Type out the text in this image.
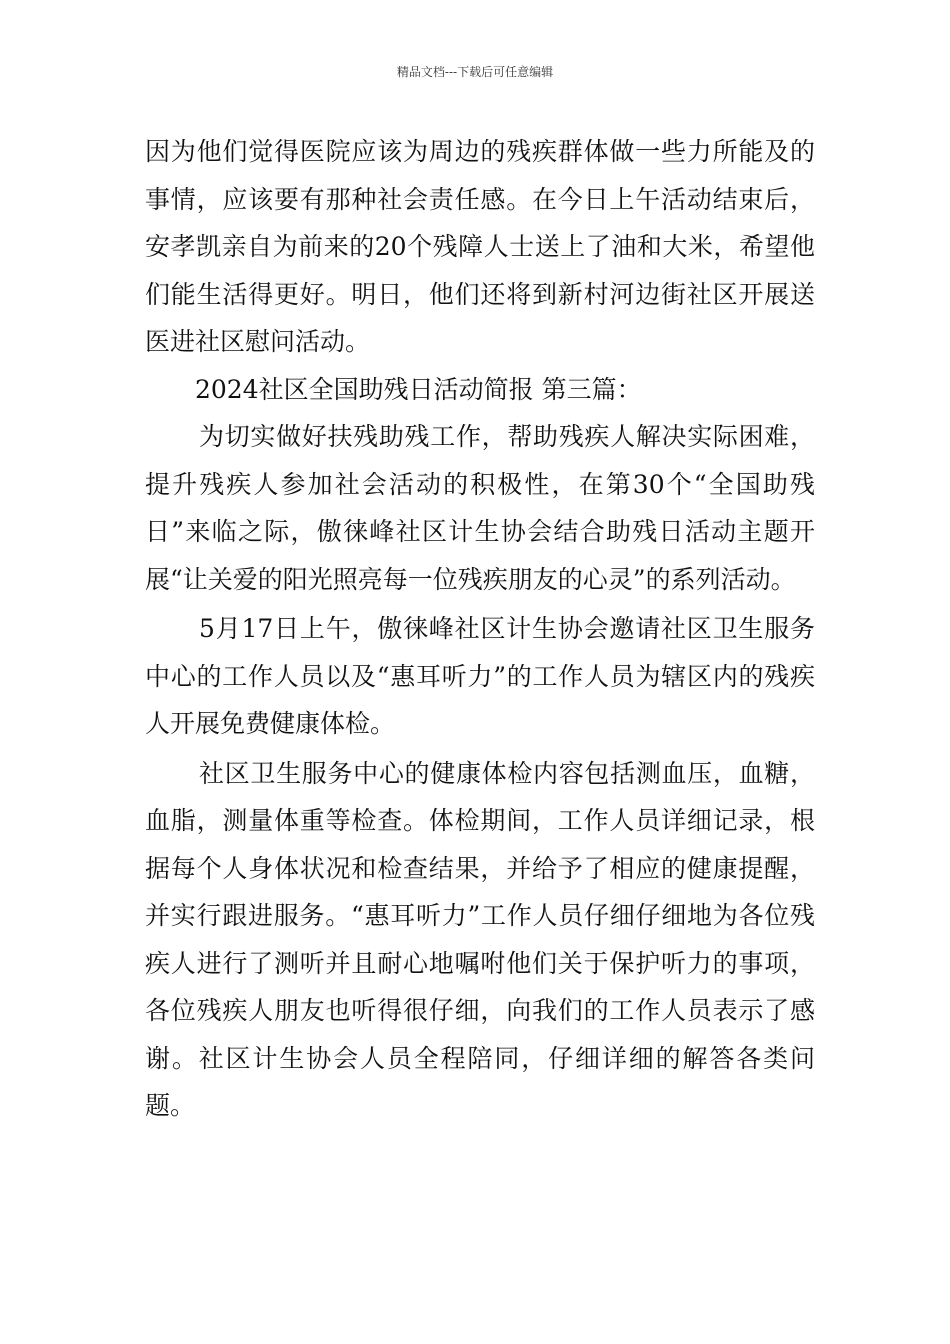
精品文档---下载后可任意编辑

因为他们觉得医院应该为周边的残疾群体做一些力所能及的事情，应该要有那种社会责任感。在今日上午活动结束后，安孝凯亲自为前来的20个残障人士送上了油和大米，希望他们能生活得更好。明日，他们还将到新村河边街社区开展送医进社区慰问活动。

2024社区全国助残日活动简报 第三篇：

为切实做好扶残助残工作，帮助残疾人解决实际困难，提升残疾人参加社会活动的积极性，在第30个“全国助残日”来临之际，傲徕峰社区计生协会结合助残日活动主题开展“让关爱的阳光照亮每一位残疾朋友的心灵”的系列活动。

5月17日上午，傲徕峰社区计生协会邀请社区卫生服务中心的工作人员以及“惠耳听力”的工作人员为辖区内的残疾人开展免费健康体检。

社区卫生服务中心的健康体检内容包括测血压，血糖，血脂，测量体重等检查。体检期间，工作人员详细记录，根据每个人身体状况和检查结果，并给予了相应的健康提醒，并实行跟进服务。“惠耳听力”工作人员仔细仔细地为各位残疾人进行了测听并且耐心地嘱咐他们关于保护听力的事项，各位残疾人朋友也听得很仔细，向我们的工作人员表示了感谢。社区计生协会人员全程陪同，仔细详细的解答各类问题。
